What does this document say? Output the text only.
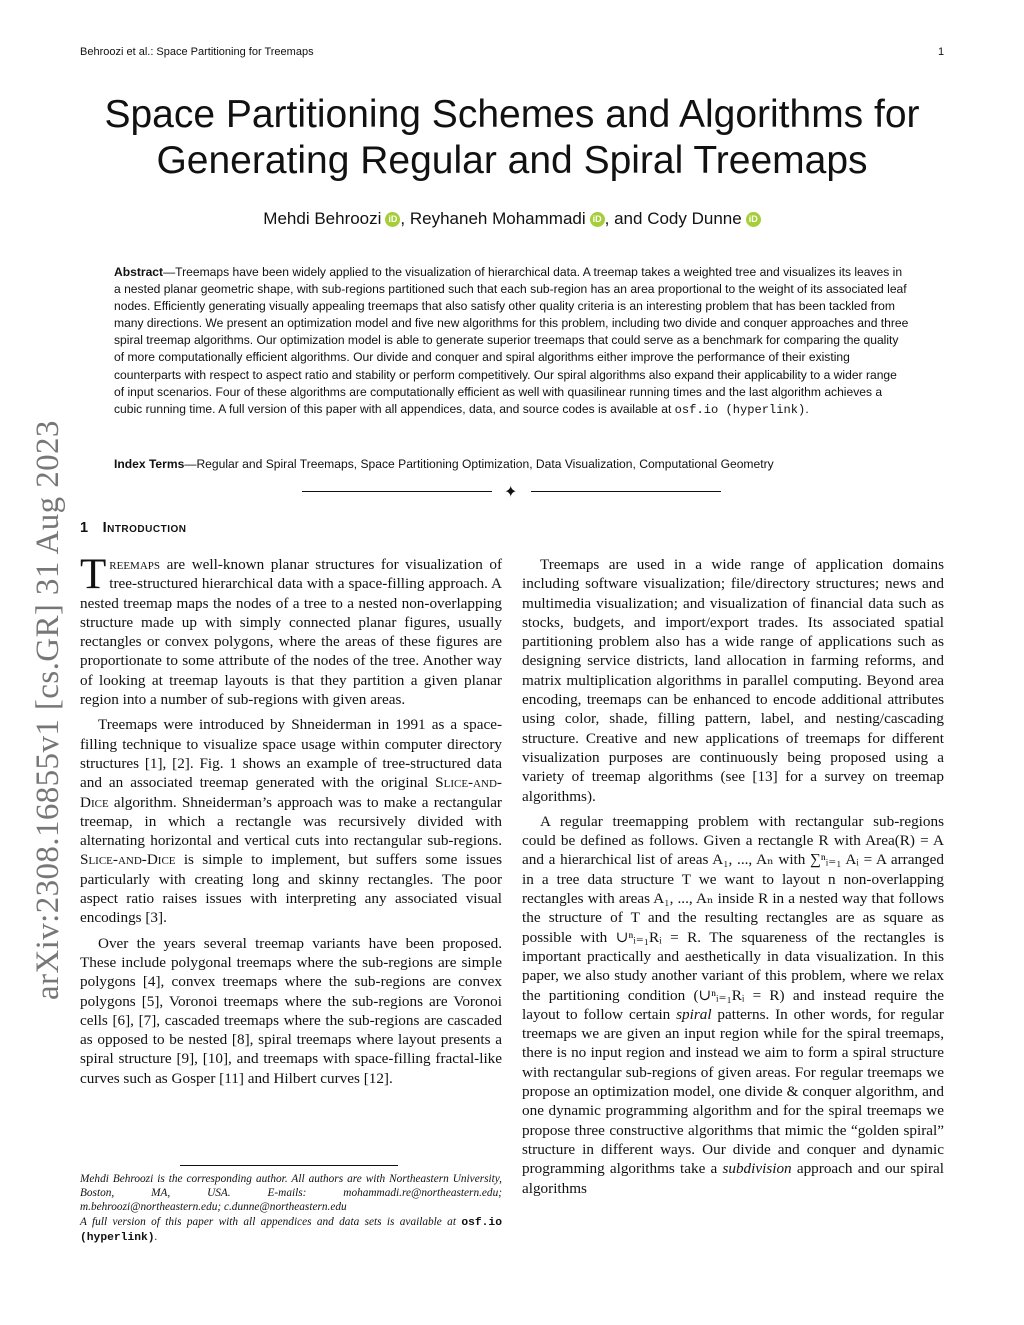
Behroozi et al.: Space Partitioning for Treemaps	1
arXiv:2308.16855v1 [cs.GR] 31 Aug 2023
Space Partitioning Schemes and Algorithms for Generating Regular and Spiral Treemaps
Mehdi Behroozi iD , Reyhaneh Mohammadi iD , and Cody Dunne iD
Abstract—Treemaps have been widely applied to the visualization of hierarchical data. A treemap takes a weighted tree and visualizes its leaves in a nested planar geometric shape, with sub-regions partitioned such that each sub-region has an area proportional to the weight of its associated leaf nodes. Efficiently generating visually appealing treemaps that also satisfy other quality criteria is an interesting problem that has been tackled from many directions. We present an optimization model and five new algorithms for this problem, including two divide and conquer approaches and three spiral treemap algorithms. Our optimization model is able to generate superior treemaps that could serve as a benchmark for comparing the quality of more computationally efficient algorithms. Our divide and conquer and spiral algorithms either improve the performance of their existing counterparts with respect to aspect ratio and stability or perform competitively. Our spiral algorithms also expand their applicability to a wider range of input scenarios. Four of these algorithms are computationally efficient as well with quasilinear running times and the last algorithm achieves a cubic running time. A full version of this paper with all appendices, data, and source codes is available at osf.io (hyperlink).
Index Terms—Regular and Spiral Treemaps, Space Partitioning Optimization, Data Visualization, Computational Geometry
✦
1 Introduction

Treemaps are well-known planar structures for visualization of tree-structured hierarchical data with a space-filling approach. A nested treemap maps the nodes of a tree to a nested non-overlapping structure made up with simply connected planar figures, usually rectangles or convex polygons, where the areas of these figures are proportionate to some attribute of the nodes of the tree. Another way of looking at treemap layouts is that they partition a given planar region into a number of sub-regions with given areas.

Treemaps were introduced by Shneiderman in 1991 as a space-filling technique to visualize space usage within computer directory structures [1], [2]. Fig. 1 shows an example of tree-structured data and an associated treemap generated with the original Slice-and-Dice algorithm. Shneiderman’s approach was to make a rectangular treemap, in which a rectangle was recursively divided with alternating horizontal and vertical cuts into rectangular sub-regions. Slice-and-Dice is simple to implement, but suffers some issues particularly with creating long and skinny rectangles. The poor aspect ratio raises issues with interpreting any associated visual encodings [3].

Over the years several treemap variants have been proposed. These include polygonal treemaps where the sub-regions are simple polygons [4], convex treemaps where the sub-regions are convex polygons [5], Voronoi treemaps where the sub-regions are Voronoi cells [6], [7], cascaded treemaps where the sub-regions are cascaded as opposed to be nested [8], spiral treemaps where layout presents a spiral structure [9], [10], and treemaps with space-filling fractal-like curves such as Gosper [11] and Hilbert curves [12].

Mehdi Behroozi is the corresponding author. All authors are with Northeastern University, Boston, MA, USA. E-mails: mohammadi.re@northeastern.edu; m.behroozi@northeastern.edu; c.dunne@northeastern.edu

A full version of this paper with all appendices and data sets is available at osf.io (hyperlink).

Treemaps are used in a wide range of application domains including software visualization; file/directory structures; news and multimedia visualization; and visualization of financial data such as stocks, budgets, and import/export trades. Its associated spatial partitioning problem also has a wide range of applications such as designing service districts, land allocation in farming reforms, and matrix multiplication algorithms in parallel computing. Beyond area encoding, treemaps can be enhanced to encode additional attributes using color, shade, filling pattern, label, and nesting/cascading structure. Creative and new applications of treemaps for different visualization purposes are continuously being proposed using a variety of treemap algorithms (see [13] for a survey on treemap algorithms).

A regular treemapping problem with rectangular sub-regions could be defined as follows. Given a rectangle R with Area(R) = A and a hierarchical list of areas A₁, ..., Aₙ with ∑ⁿᵢ₌₁ Aᵢ = A arranged in a tree data structure T we want to layout n non-overlapping rectangles with areas A₁, ..., Aₙ inside R in a nested way that follows the structure of T and the resulting rectangles are as square as possible with ∪ⁿᵢ₌₁Rᵢ = R. The squareness of the rectangles is important practically and aesthetically in data visualization. In this paper, we also study another variant of this problem, where we relax the partitioning condition (∪ⁿᵢ₌₁Rᵢ = R) and instead require the layout to follow certain spiral patterns. In other words, for regular treemaps we are given an input region while for the spiral treemaps, there is no input region and instead we aim to form a spiral structure with rectangular sub-regions of given areas. For regular treemaps we propose an optimization model, one divide & conquer algorithm, and one dynamic programming algorithm and for the spiral treemaps we propose three constructive algorithms that mimic the “golden spiral” structure in different ways. Our divide and conquer and dynamic programming algorithms take a subdivision approach and our spiral algorithms
